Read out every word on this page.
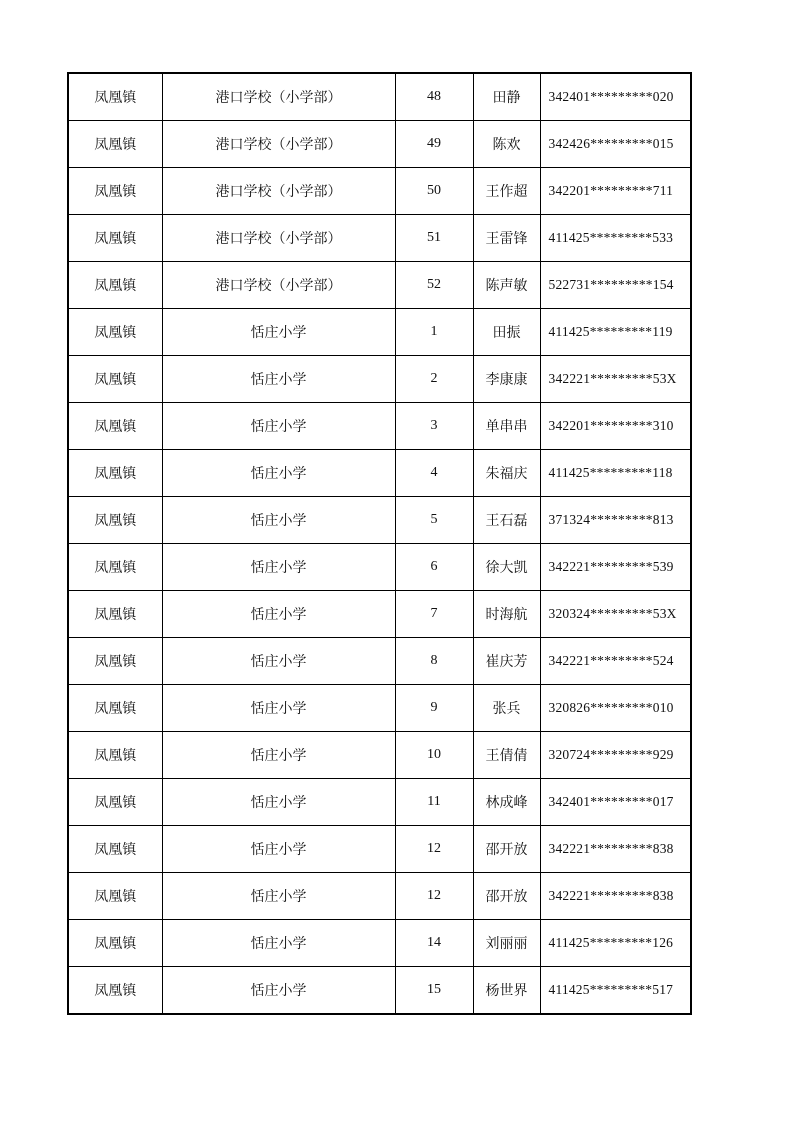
凤凰镇	港口学校（小学部）	48	田静	342401*********020
凤凰镇	港口学校（小学部）	49	陈欢	342426*********015
凤凰镇	港口学校（小学部）	50	王作超	342201*********711
凤凰镇	港口学校（小学部）	51	王雷锋	411425*********533
凤凰镇	港口学校（小学部）	52	陈声敏	522731*********154
凤凰镇	恬庄小学	1	田振	411425*********119
凤凰镇	恬庄小学	2	李康康	342221*********53X
凤凰镇	恬庄小学	3	单串串	342201*********310
凤凰镇	恬庄小学	4	朱福庆	411425*********118
凤凰镇	恬庄小学	5	王石磊	371324*********813
凤凰镇	恬庄小学	6	徐大凯	342221*********539
凤凰镇	恬庄小学	7	时海航	320324*********53X
凤凰镇	恬庄小学	8	崔庆芳	342221*********524
凤凰镇	恬庄小学	9	张兵	320826*********010
凤凰镇	恬庄小学	10	王倩倩	320724*********929
凤凰镇	恬庄小学	11	林成峰	342401*********017
凤凰镇	恬庄小学	12	邵开放	342221*********838
凤凰镇	恬庄小学	12	邵开放	342221*********838
凤凰镇	恬庄小学	14	刘丽丽	411425*********126
凤凰镇	恬庄小学	15	杨世界	411425*********517
